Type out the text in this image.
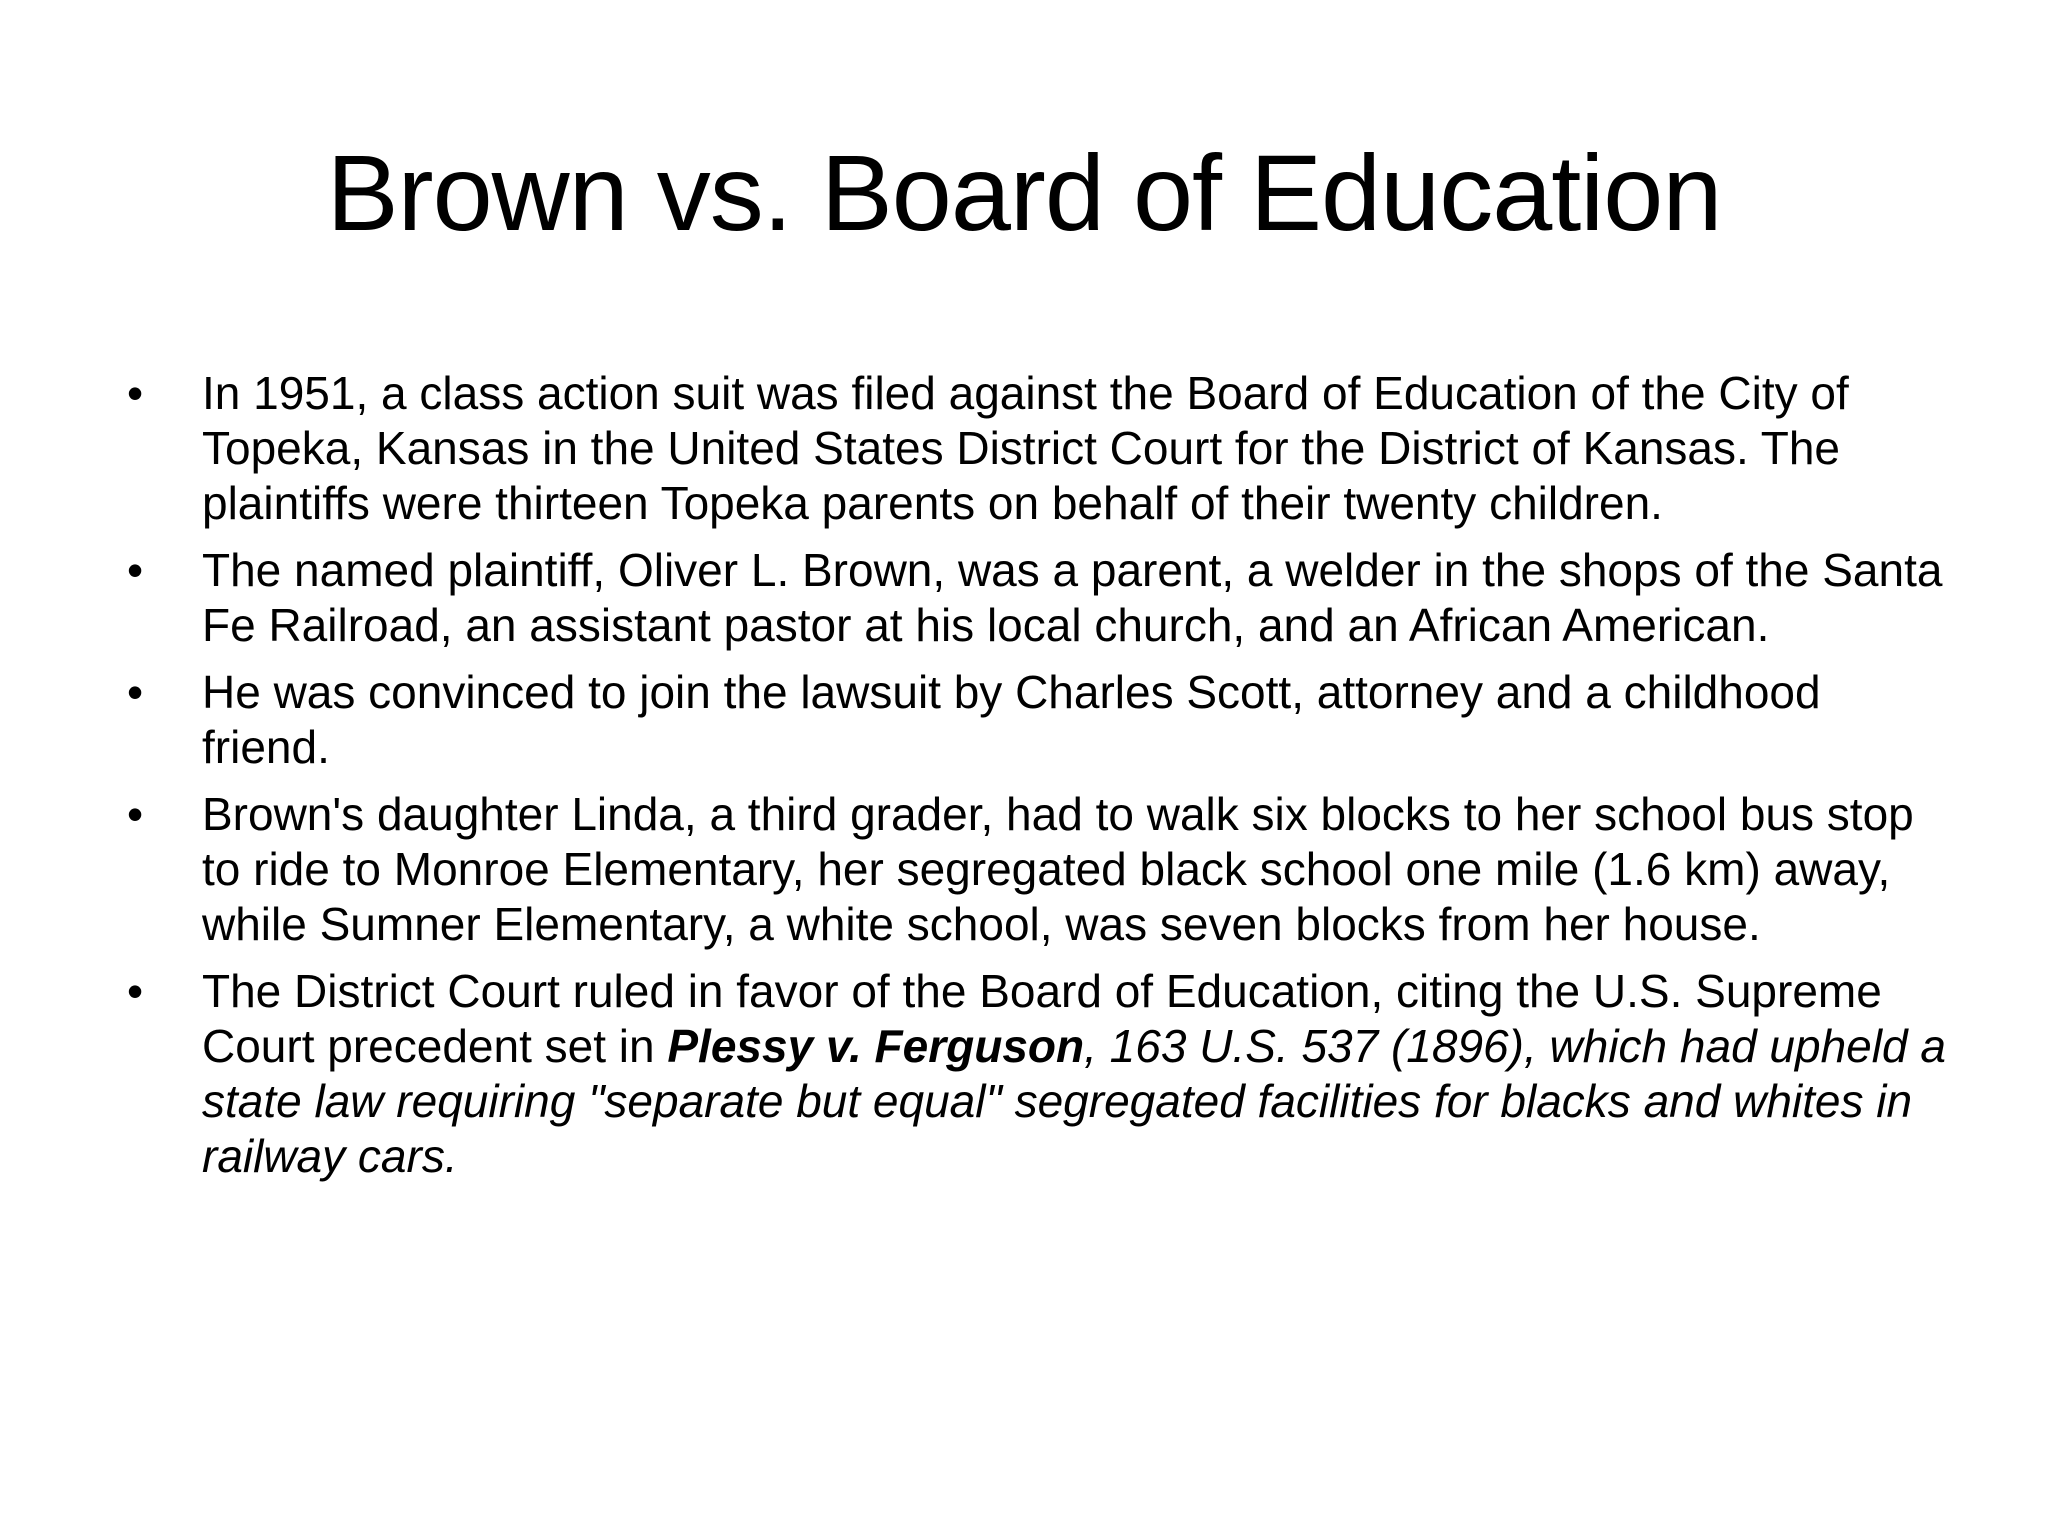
Brown vs. Board of Education
• In 1951, a class action suit was filed against the Board of Education of the City of Topeka, Kansas in the United States District Court for the District of Kansas. The plaintiffs were thirteen Topeka parents on behalf of their twenty children.
• The named plaintiff, Oliver L. Brown, was a parent, a welder in the shops of the Santa Fe Railroad, an assistant pastor at his local church, and an African American.
• He was convinced to join the lawsuit by Charles Scott, attorney and a childhood friend.
• Brown's daughter Linda, a third grader, had to walk six blocks to her school bus stop to ride to Monroe Elementary, her segregated black school one mile (1.6 km) away, while Sumner Elementary, a white school, was seven blocks from her house.
• The District Court ruled in favor of the Board of Education, citing the U.S. Supreme Court precedent set in Plessy v. Ferguson, 163 U.S. 537 (1896), which had upheld a state law requiring "separate but equal" segregated facilities for blacks and whites in railway cars.
